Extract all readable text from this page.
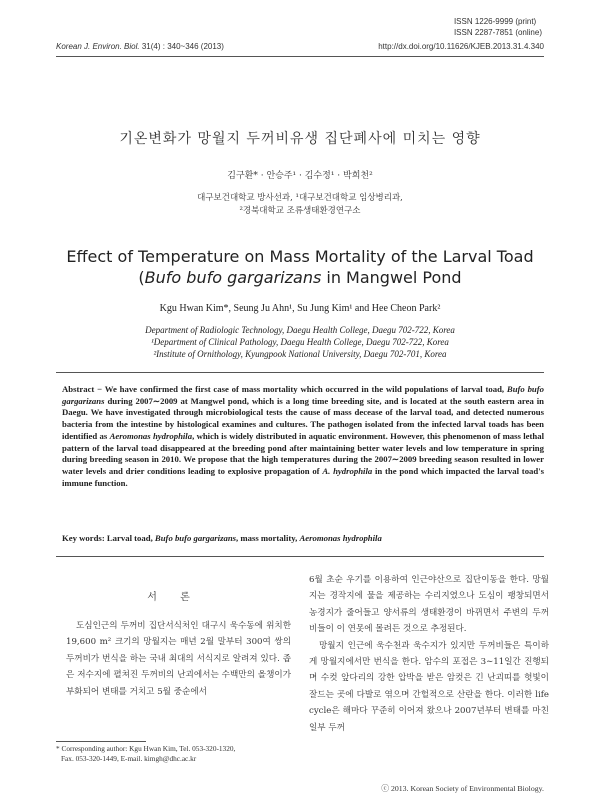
ISSN 1226-9999 (print)
ISSN 2287-7851 (online)
Korean J. Environ. Biol. 31(4) : 340~346 (2013)	http://dx.doi.org/10.11626/KJEB.2013.31.4.340
기온변화가 망월지 두꺼비유생 집단폐사에 미치는 영향
김구환* · 안승주¹ · 김수정¹ · 박희천²
대구보건대학교 방사선과, ¹대구보건대학교 임상병리과,
²경북대학교 조류생태환경연구소
Effect of Temperature on Mass Mortality of the Larval Toad
(Bufo bufo gargarizans in Mangwel Pond
Kgu Hwan Kim*, Seung Ju Ahn¹, Su Jung Kim¹ and Hee Cheon Park²
Department of Radiologic Technology, Daegu Health College, Daegu 702-722, Korea
¹Department of Clinical Pathology, Daegu Health College, Daegu 702-722, Korea
²Institute of Ornithology, Kyungpook National University, Daegu 702-701, Korea
Abstract − We have confirmed the first case of mass mortality which occurred in the wild populations of larval toad, Bufo bufo gargarizans during 2007∼2009 at Mangwel pond, which is a long time breeding site, and is located at the south eastern area in Daegu. We have investigated through microbiological tests the cause of mass decease of the larval toad, and detected numerous bacteria from the intestine by histological examines and cultures. The pathogen isolated from the infected larval toads has been identified as Aeromonas hydrophila, which is widely distributed in aquatic environment. However, this phenomenon of mass lethal pattern of the larval toad disappeared at the breeding pond after maintaining better water levels and low temperature in spring during breeding season in 2010. We propose that the high temperatures during the 2007∼2009 breeding season resulted in lower water levels and drier conditions leading to explosive propagation of A. hydrophila in the pond which impacted the larval toad's immune function.
Key words: Larval toad, Bufo bufo gargarizans, mass mortality, Aeromonas hydrophila
서 론
도심인근의 두꺼비 집단서식처인 대구시 욱수동에 위치한 19,600 m² 크기의 망월지는 매년 2월 말부터 300여 쌍의 두꺼비가 번식을 하는 국내 최대의 서식지로 알려져 있다. 좁은 저수지에 펼쳐진 두꺼비의 난괴에서는 수백만의 올챙이가 부화되어 변태를 거치고 5월 중순에서
6월 초순 우기를 이용하여 인근야산으로 집단이동을 한다. 망월지는 경작지에 물을 제공하는 수리지였으나 도심이 팽창되면서 농경지가 줄어들고 양서류의 생태환경이 바뀌면서 주변의 두꺼비들이 이 연못에 몰려든 것으로 추정된다.
망월지 인근에 욱수천과 욱수지가 있지만 두꺼비들은 특이하게 망월지에서만 번식을 한다. 암수의 포접은 3∼11일간 진행되며 수컷 앞다리의 강한 압박을 받은 암컷은 긴 난괴띠를 헛빛이 잘드는 곳에 다발로 엮으며 간헐적으로 산란을 한다. 이러한 life cycle은 해마다 꾸준히 이어져 왔으나 2007년부터 변태를 마친 일부 두꺼
* Corresponding author: Kgu Hwan Kim, Tel. 053-320-1320,
Fax. 053-320-1449, E-mail. kimgh@dhc.ac.kr
ⓒ 2013. Korean Society of Environmental Biology.
